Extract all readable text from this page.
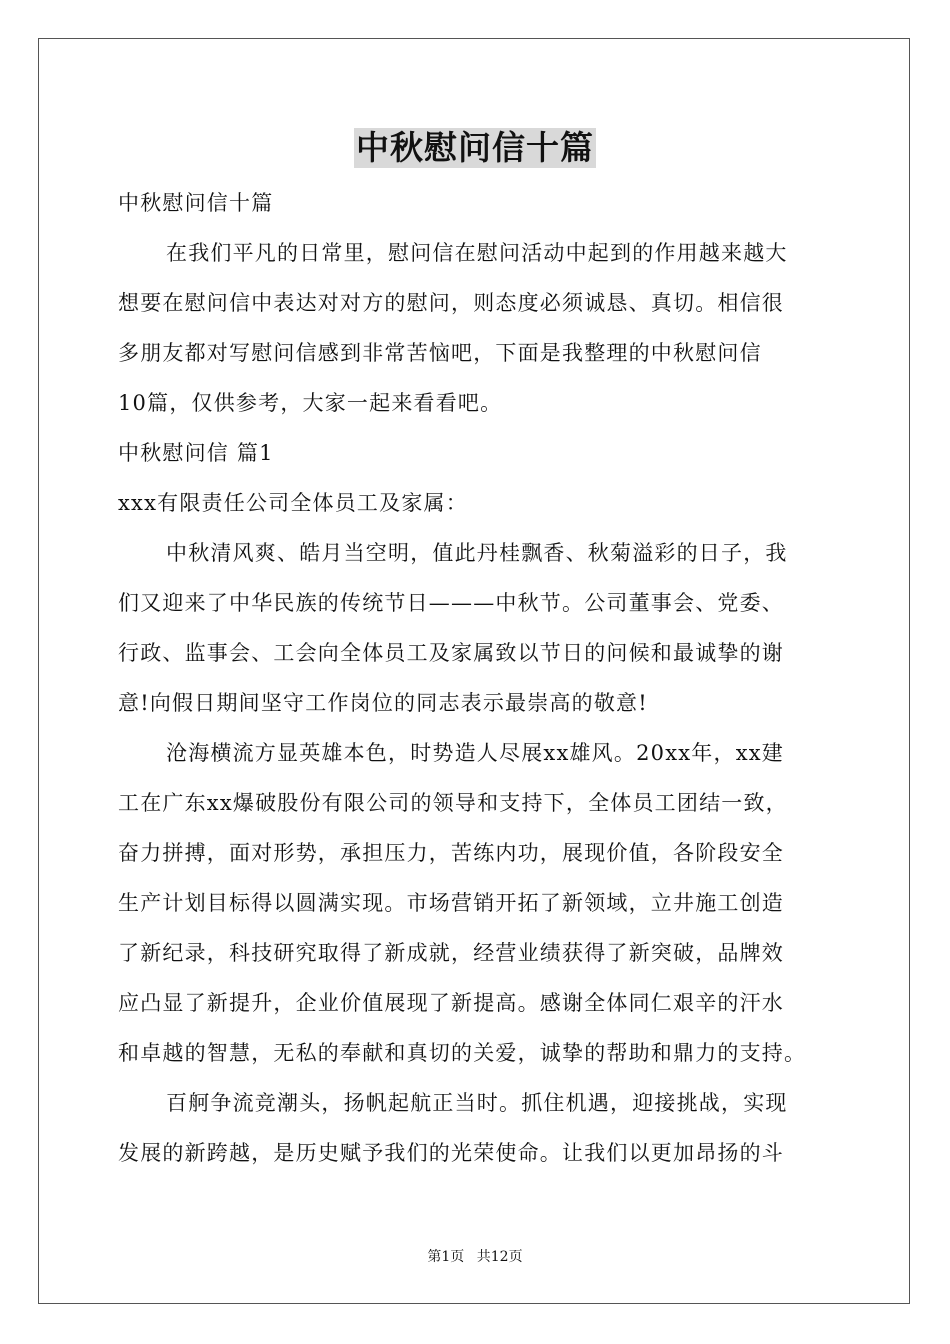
中秋慰问信十篇
中秋慰问信十篇
在我们平凡的日常里，慰问信在慰问活动中起到的作用越来越大
想要在慰问信中表达对对方的慰问，则态度必须诚恳、真切。相信很
多朋友都对写慰问信感到非常苦恼吧，下面是我整理的中秋慰问信
10篇，仅供参考，大家一起来看看吧。
中秋慰问信 篇1
xxx有限责任公司全体员工及家属：
中秋清风爽、皓月当空明，值此丹桂飘香、秋菊溢彩的日子，我
们又迎来了中华民族的传统节日———中秋节。公司董事会、党委、
行政、监事会、工会向全体员工及家属致以节日的问候和最诚挚的谢
意!向假日期间坚守工作岗位的同志表示最崇高的敬意!
沧海横流方显英雄本色，时势造人尽展xx雄风。20xx年，xx建
工在广东xx爆破股份有限公司的领导和支持下，全体员工团结一致，
奋力拼搏，面对形势，承担压力，苦练内功，展现价值，各阶段安全
生产计划目标得以圆满实现。市场营销开拓了新领域，立井施工创造
了新纪录，科技研究取得了新成就，经营业绩获得了新突破，品牌效
应凸显了新提升，企业价值展现了新提高。感谢全体同仁艰辛的汗水
和卓越的智慧，无私的奉献和真切的关爱，诚挚的帮助和鼎力的支持。
百舸争流竞潮头，扬帆起航正当时。抓住机遇，迎接挑战，实现
发展的新跨越，是历史赋予我们的光荣使命。让我们以更加昂扬的斗
第1页 共12页
